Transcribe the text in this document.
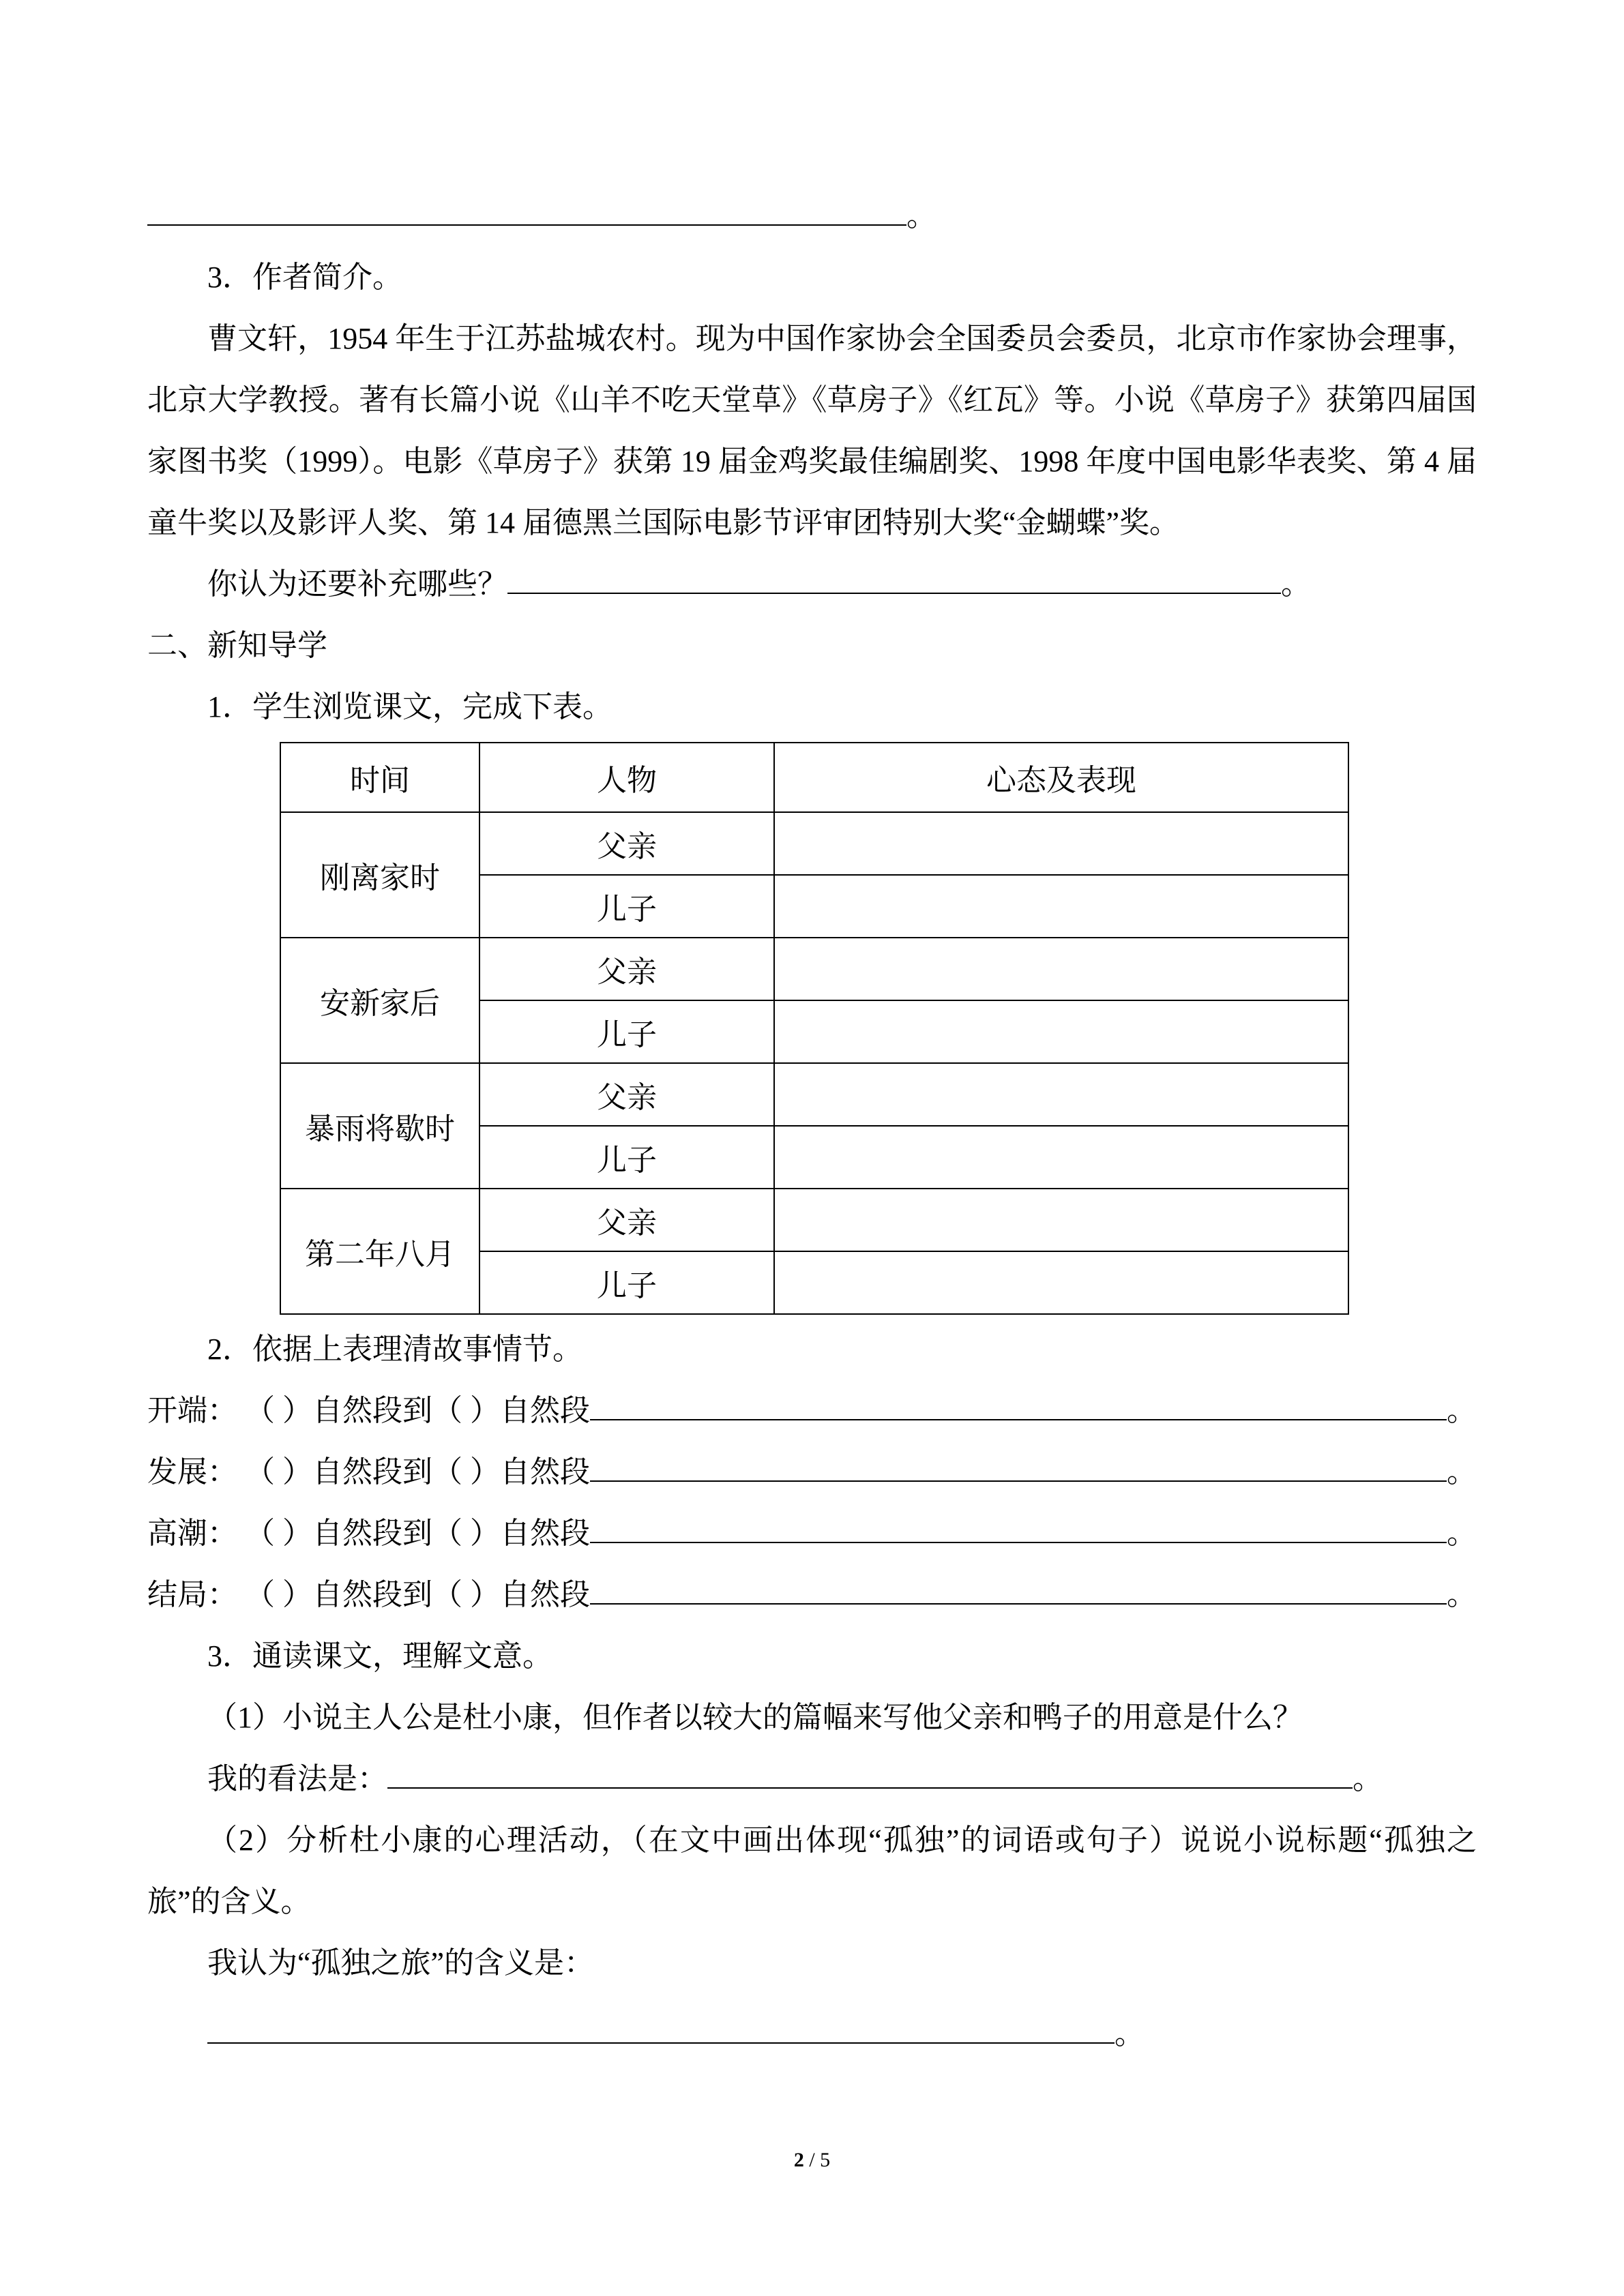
。

3．作者简介。

曹文轩，1954 年生于江苏盐城农村。现为中国作家协会全国委员会委员，北京市作家协会理事，北京大学教授。著有长篇小说《山羊不吃天堂草》《草房子》《红瓦》等。小说《草房子》获第四届国家图书奖（1999）。电影《草房子》获第 19 届金鸡奖最佳编剧奖、1998 年度中国电影华表奖、第 4 届童牛奖以及影评人奖、第 14 届德黑兰国际电影节评审团特别大奖“金蝴蝶”奖。

你认为还要补充哪些？	。

二、新知导学

1．学生浏览课文，完成下表。

时间	人物	心态及表现
刚离家时	父亲	
	儿子	
安新家后	父亲	
	儿子	
暴雨将歇时	父亲	
	儿子	
第二年八月	父亲	
	儿子	

2．依据上表理清故事情节。

开端： （ ）自然段到（ ）自然段	。
发展： （ ）自然段到（ ）自然段	。
高潮： （ ）自然段到（ ）自然段	。
结局： （ ）自然段到（ ）自然段	。

3．通读课文，理解文意。

（1）小说主人公是杜小康，但作者以较大的篇幅来写他父亲和鸭子的用意是什么？

我的看法是：	。

（2）分析杜小康的心理活动，（在文中画出体现“孤独”的词语或句子）说说小说标题“孤独之旅”的含义。

我认为“孤独之旅”的含义是：

。
2 / 5
